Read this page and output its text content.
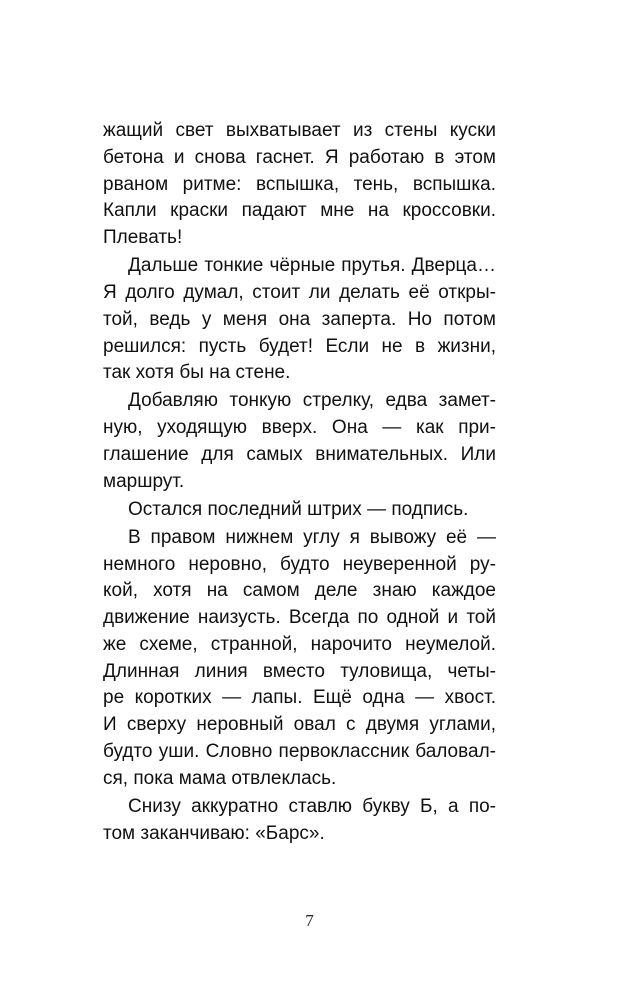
жащий свет выхватывает из стены куски
бетона и снова гаснет. Я работаю в этом
рваном ритме: вспышка, тень, вспышка.
Капли краски падают мне на кроссовки.
Плевать!
Дальше тонкие чёрные прутья. Дверца…
Я долго думал, стоит ли делать её откры-
той, ведь у меня она заперта. Но потом
решился: пусть будет! Если не в жизни,
так хотя бы на стене.
Добавляю тонкую стрелку, едва замет-
ную, уходящую вверх. Она — как при-
глашение для самых внимательных. Или
маршрут.
Остался последний штрих — подпись.
В правом нижнем углу я вывожу её —
немного неровно, будто неуверенной ру-
кой, хотя на самом деле знаю каждое
движение наизусть. Всегда по одной и той
же схеме, странной, нарочито неумелой.
Длинная линия вместо туловища, четы-
ре коротких — лапы. Ещё одна — хвост.
И сверху неровный овал с двумя углами,
будто уши. Словно первоклассник баловал-
ся, пока мама отвлеклась.
Снизу аккуратно ставлю букву Б, а по-
том заканчиваю: «Барс».
7
